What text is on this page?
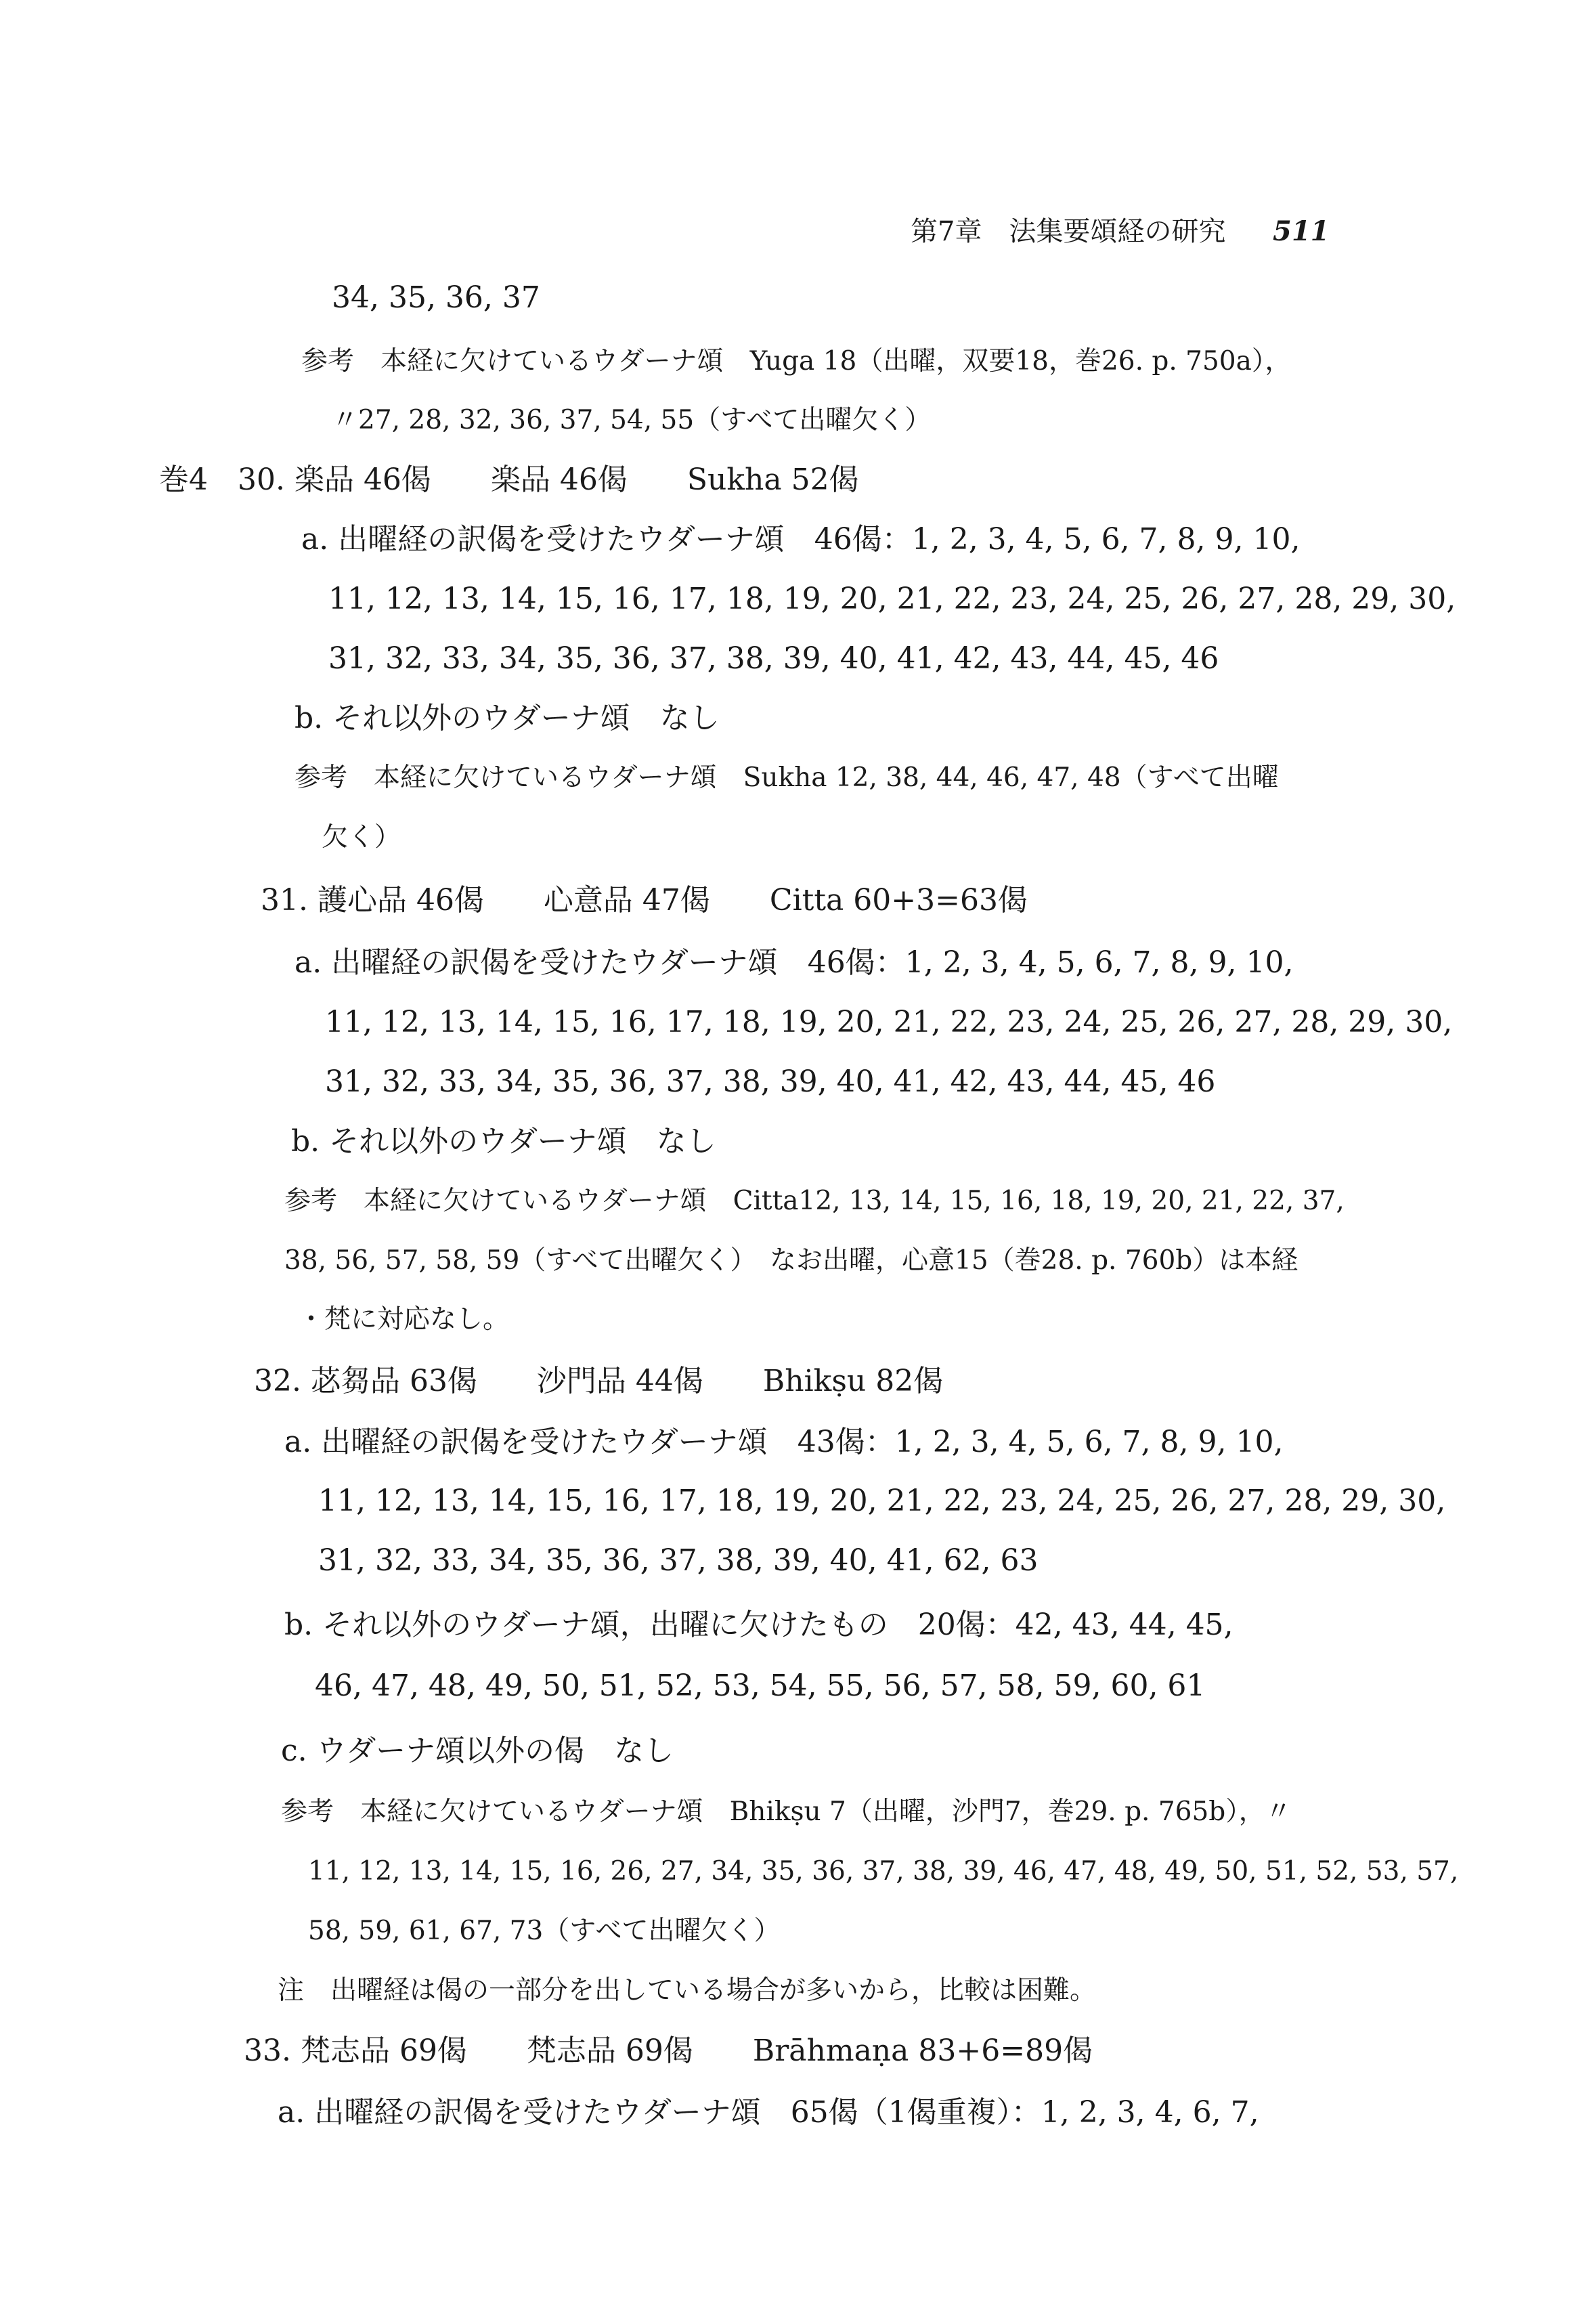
第7章　法集要頌経の研究 511
34, 35, 36, 37
参考　本経に欠けているウダーナ頌　Yuga 18（出曜，双要18，巻26. p. 750a），
〃27, 28, 32, 36, 37, 54, 55（すべて出曜欠く）
巻4　30. 楽品 46偈　　楽品 46偈　　Sukha 52偈
a. 出曜経の訳偈を受けたウダーナ頌　46偈：1, 2, 3, 4, 5, 6, 7, 8, 9, 10,
11, 12, 13, 14, 15, 16, 17, 18, 19, 20, 21, 22, 23, 24, 25, 26, 27, 28, 29, 30,
31, 32, 33, 34, 35, 36, 37, 38, 39, 40, 41, 42, 43, 44, 45, 46
b. それ以外のウダーナ頌　なし
参考　本経に欠けているウダーナ頌　Sukha 12, 38, 44, 46, 47, 48（すべて出曜
欠く）
31. 護心品 46偈　　心意品 47偈　　Citta 60+3=63偈
a. 出曜経の訳偈を受けたウダーナ頌　46偈：1, 2, 3, 4, 5, 6, 7, 8, 9, 10,
11, 12, 13, 14, 15, 16, 17, 18, 19, 20, 21, 22, 23, 24, 25, 26, 27, 28, 29, 30,
31, 32, 33, 34, 35, 36, 37, 38, 39, 40, 41, 42, 43, 44, 45, 46
b. それ以外のウダーナ頌　なし
参考　本経に欠けているウダーナ頌　Citta12, 13, 14, 15, 16, 18, 19, 20, 21, 22, 37,
38, 56, 57, 58, 59（すべて出曜欠く）　なお出曜，心意15（巻28. p. 760b）は本経
・梵に対応なし。
32. 苾芻品 63偈　　沙門品 44偈　　Bhikṣu 82偈
a. 出曜経の訳偈を受けたウダーナ頌　43偈：1, 2, 3, 4, 5, 6, 7, 8, 9, 10,
11, 12, 13, 14, 15, 16, 17, 18, 19, 20, 21, 22, 23, 24, 25, 26, 27, 28, 29, 30,
31, 32, 33, 34, 35, 36, 37, 38, 39, 40, 41, 62, 63
b. それ以外のウダーナ頌，出曜に欠けたもの　20偈：42, 43, 44, 45,
46, 47, 48, 49, 50, 51, 52, 53, 54, 55, 56, 57, 58, 59, 60, 61
c. ウダーナ頌以外の偈　なし
参考　本経に欠けているウダーナ頌　Bhikṣu 7（出曜，沙門7，巻29. p. 765b），〃
11, 12, 13, 14, 15, 16, 26, 27, 34, 35, 36, 37, 38, 39, 46, 47, 48, 49, 50, 51, 52, 53, 57,
58, 59, 61, 67, 73（すべて出曜欠く）
注　出曜経は偈の一部分を出している場合が多いから，比較は困難。
33. 梵志品 69偈　　梵志品 69偈　　Brāhmaṇa 83+6=89偈
a. 出曜経の訳偈を受けたウダーナ頌　65偈（1偈重複）：1, 2, 3, 4, 6, 7,
